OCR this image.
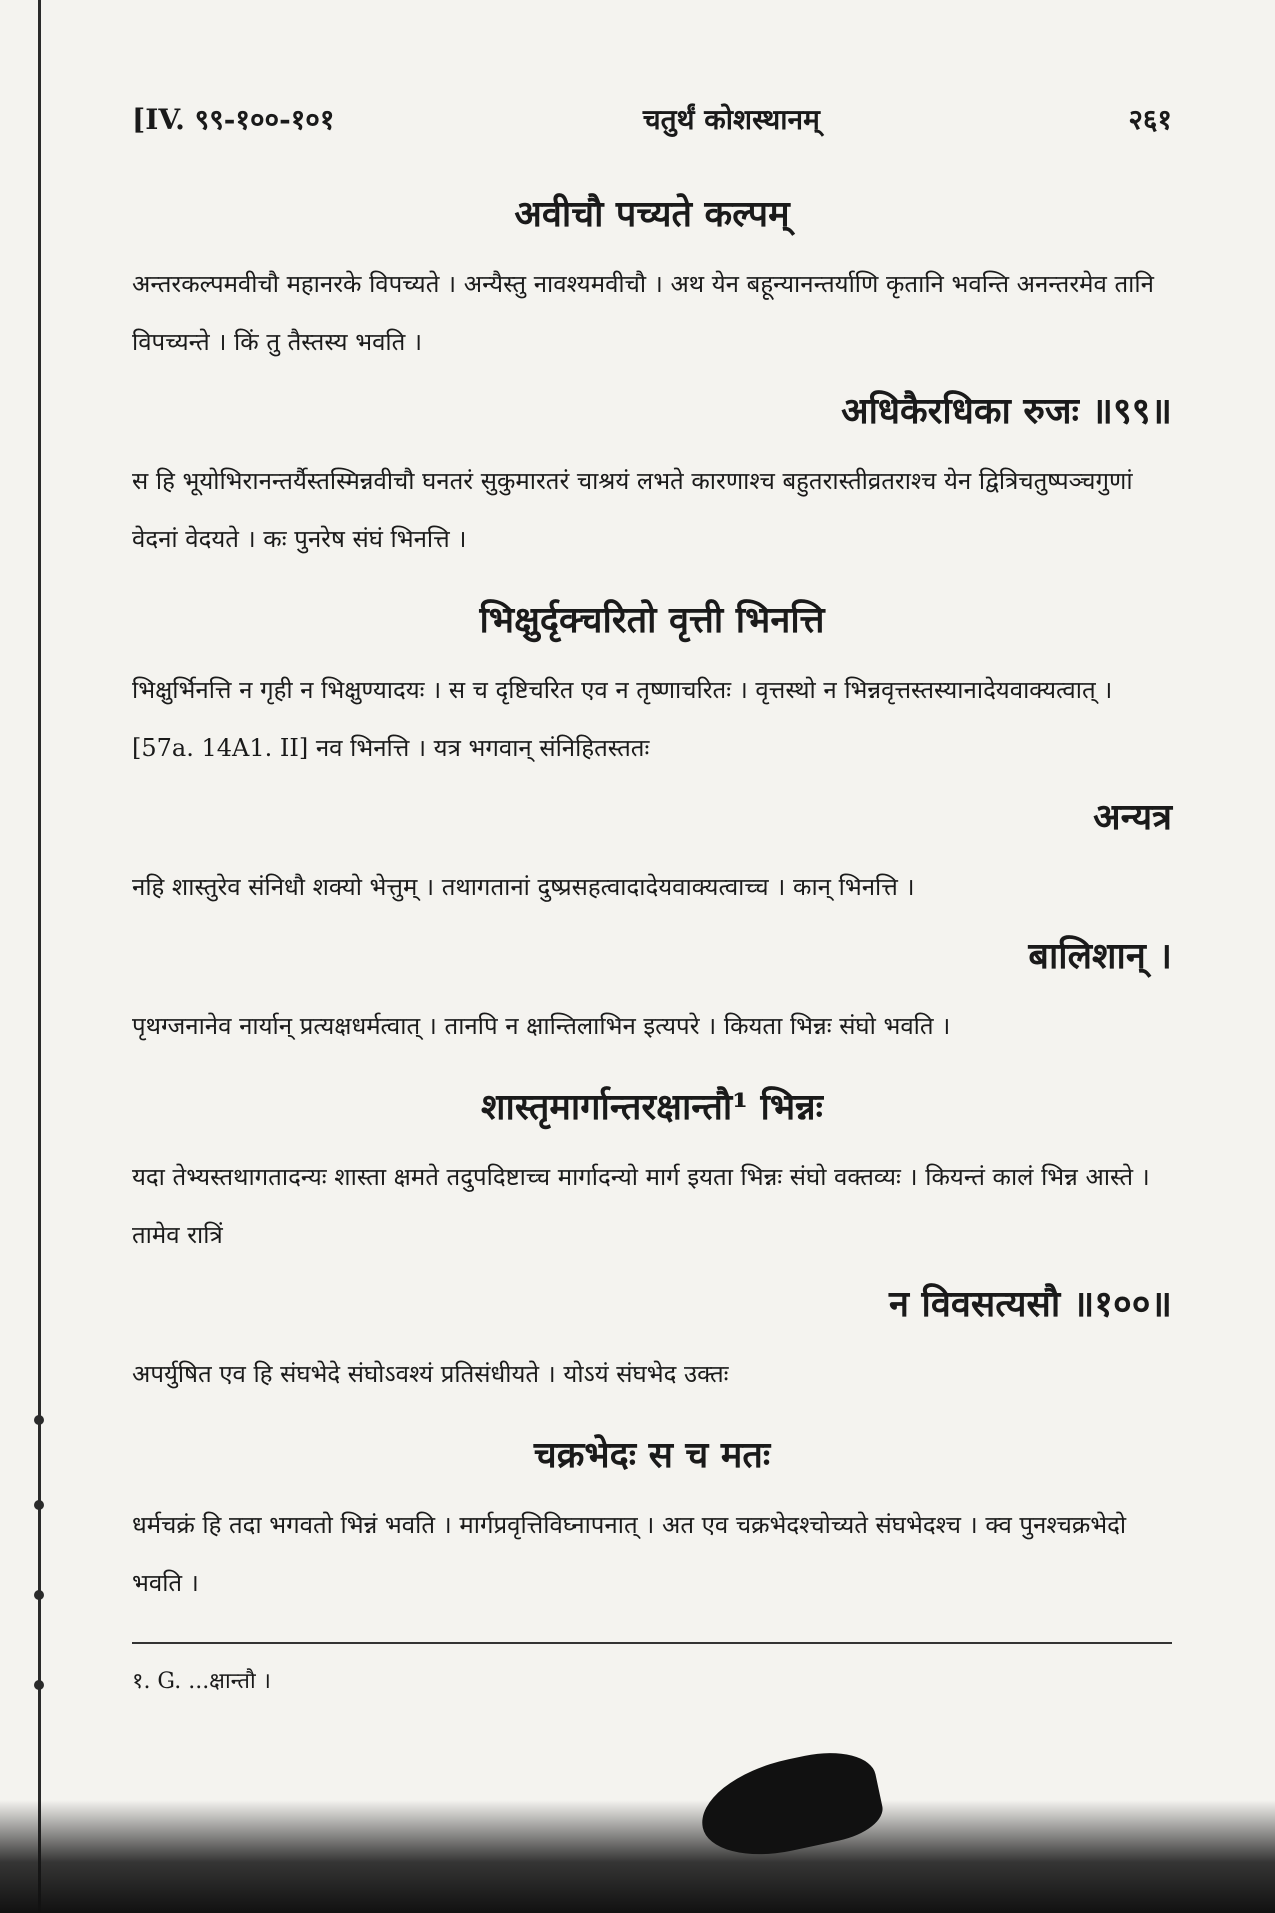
[IV. ९९-१००-१०१	चतुर्थं कोशस्थानम्	२६१
अवीचौ पच्यते कल्पम्

अन्तरकल्पमवीचौ महानरके विपच्यते । अन्यैस्तु नावश्यमवीचौ । अथ येन बहून्यानन्तर्याणि कृतानि भवन्ति अनन्तरमेव तानि विपच्यन्ते । किं तु तैस्तस्य भवति ।

अधिकैरधिका रुजः ॥९९॥

स हि भूयोभिरानन्तर्यैस्तस्मिन्नवीचौ घनतरं सुकुमारतरं चाश्रयं लभते कारणाश्च बहुतरास्तीव्रतराश्च येन द्वित्रिचतुष्पञ्चगुणां वेदनां वेदयते । कः पुनरेष संघं भिनत्ति ।

भिक्षुर्दृक्चरितो वृत्ती भिनत्ति

भिक्षुर्भिनत्ति न गृही न भिक्षुण्यादयः । स च दृष्टिचरित एव न तृष्णाचरितः । वृत्तस्थो न भिन्नवृत्तस्तस्यानादेयवाक्यत्वात् । [57a. 14A1. II] नव भिनत्ति । यत्र भगवान् संनिहितस्ततः

अन्यत्र

नहि शास्तुरेव संनिधौ शक्यो भेत्तुम् । तथागतानां दुष्प्रसहत्वादादेयवाक्यत्वाच्च । कान् भिनत्ति ।

बालिशान् ।

पृथग्जनानेव नार्यान् प्रत्यक्षधर्मत्वात् । तानपि न क्षान्तिलाभिन इत्यपरे । कियता भिन्नः संघो भवति ।

शास्तृमार्गान्तरक्षान्तौ¹ भिन्नः

यदा तेभ्यस्तथागतादन्यः शास्ता क्षमते तदुपदिष्टाच्च मार्गादन्यो मार्ग इयता भिन्नः संघो वक्तव्यः । कियन्तं कालं भिन्न आस्ते । तामेव रात्रिं

न विवसत्यसौ ॥१००॥

अपर्युषित एव हि संघभेदे संघोऽवश्यं प्रतिसंधीयते । योऽयं संघभेद उक्तः

चक्रभेदः स च मतः

धर्मचक्रं हि तदा भगवतो भिन्नं भवति । मार्गप्रवृत्तिविघ्नापनात् । अत एव चक्रभेदश्चोच्यते संघभेदश्च । क्व पुनश्चक्रभेदो भवति ।

१. G. ...क्षान्तौ ।
